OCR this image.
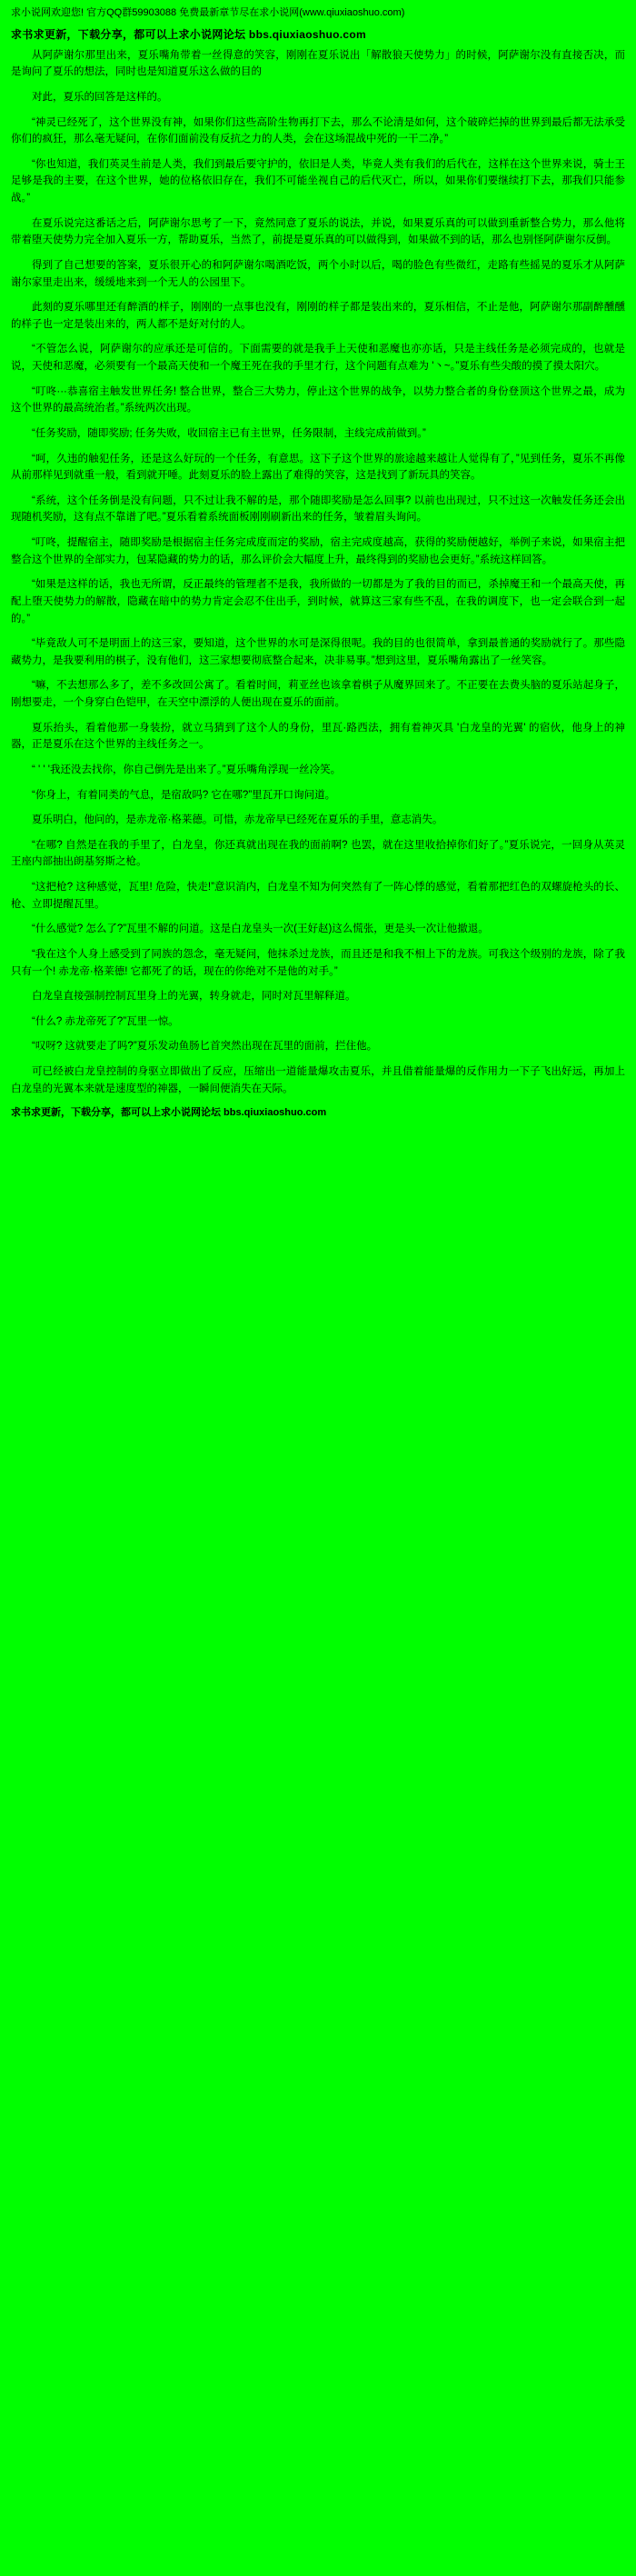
求小说网欢迎您! 官方QQ群59903088 免费最新章节尽在求小说网(www.qiuxiaoshuo.com)
求书求更新，下载分享，都可以上求小说网论坛 bbs.qiuxiaoshuo.com

从阿萨谢尔那里出来，夏乐嘴角带着一丝得意的笑容，刚刚在夏乐说出「解散狼天使势力」的时候，阿萨谢尔没有直接否决，而是询问了夏乐的想法，同时也是知道夏乐这么做的目的

对此，夏乐的回答是这样的。

“神灵已经死了，这个世界没有神，如果你们这些高阶生物再打下去，那么不论清是如何，这个破碎烂掉的世界到最后都无法承受你们的疯狂，那么毫无疑问，在你们面前没有反抗之力的人类，会在这场混战中死的一干二净。”

“你也知道，我们英灵生前是人类，我们到最后要守护的，依旧是人类，毕竟人类有我们的后代在，这样在这个世界来说，骑士王足够是我的主要，在这个世界，她的位格依旧存在，我们不可能坐视自己的后代灭亡，所以，如果你们要继续打下去，那我们只能参战。”

在夏乐说完这番话之后，阿萨谢尔思考了一下，竟然同意了夏乐的说法，并说，如果夏乐真的可以做到重新整合势力，那么他将带着堕天使势力完全加入夏乐一方，帮助夏乐，当然了，前提是夏乐真的可以做得到，如果做不到的话，那么也别怪阿萨谢尔反倒。

得到了自己想要的答案，夏乐很开心的和阿萨谢尔喝酒吃饭，两个小时以后，喝的脸色有些微红，走路有些摇晃的夏乐才从阿萨谢尔家里走出来，缓缓地来到一个无人的公园里下。

此刻的夏乐哪里还有醉酒的样子，刚刚的一点事也没有，刚刚的样子都是装出来的，夏乐相信，不止是他，阿萨谢尔那副醉醺醺的样子也一定是装出来的，两人都不是好对付的人。

“不管怎么说，阿萨谢尔的应承还是可信的。下面需要的就是我手上天使和恶魔也亦亦话，只是主线任务是必须完成的，也就是说，天使和恶魔，必须要有一个最高天使和一个魔王死在我的手里才行，这个问题有点难为 '丶~。”夏乐有些尖酸的摸了摸太阳穴。

“叮咚···恭喜宿主触发世界任务! 整合世界，整合三大势力，停止这个世界的战争，以势力整合者的身份登顶这个世界之最，成为这个世界的最高统治者。”系统两次出现。

“任务奖励，随即奖励; 任务失败，收回宿主已有主世界，任务限制，主线完成前做到。”

“呵，久违的触犯任务，还是这么好玩的一个任务，有意思。这下子这个世界的旅途越来越让人觉得有了，”见到任务，夏乐不再像从前那样见到就重一般，看到就开唾。此刻夏乐的脸上露出了难得的笑容，这是找到了新玩具的笑容。

“系统，这个任务倒是没有问题，只不过让我不解的是，那个随即奖励是怎么回事? 以前也出现过，只不过这一次触发任务还会出现随机奖励，这有点不靠谱了吧。”夏乐看着系统面板刚刚刷新出来的任务，皱着眉头询问。

“叮咚，提醒宿主，随即奖励是根据宿主任务完成度而定的奖励，宿主完成度越高，获得的奖励便越好，举例子来说，如果宿主把整合这个世界的全部实力，包某隐藏的势力的话，那么评价会大幅度上升，最终得到的奖励也会更好。”系统这样回答。

“如果是这样的话，我也无所谓，反正最终的管理者不是我，我所做的一切都是为了我的目的而已，杀掉魔王和一个最高天使，再配上堕天使势力的解散，隐藏在暗中的势力肯定会忍不住出手，到时候，就算这三家有些不乱，在我的调度下，也一定会联合到一起的。”

“毕竟敌人可不是明面上的这三家，要知道，这个世界的水可是深得很呢。我的目的也很简单，拿到最普通的奖励就行了。那些隐藏势力，是我要利用的棋子，没有他们，这三家想要彻底整合起来，决非易事。”想到这里，夏乐嘴角露出了一丝笑容。

“嘛，不去想那么多了，差不多改回公寓了。看着时间，莉亚丝也该拿着棋子从魔界回来了。不正要在去费头脑的夏乐站起身子，刚想要走，一个身穿白色铠甲，在天空中漂浮的人便出现在夏乐的面前。

夏乐抬头，看着他那一身装扮，就立马猜到了这个人的身份，里瓦·路西法，拥有着神灭具 '白龙皇的光翼' 的宿伙，他身上的神器，正是夏乐在这个世界的主线任务之一。

“ ' ' '我还没去找你，你自己倒先是出来了。”夏乐嘴角浮现一丝冷笑。

“你身上，有着同类的气息，是宿敌吗? 它在哪?”里瓦开口询问道。

夏乐明白，他问的，是赤龙帝·格莱德。可惜，赤龙帝早已经死在夏乐的手里，意志消失。

“在哪? 自然是在我的手里了，白龙皇，你还真就出现在我的面前啊? 也罢，就在这里收拾掉你们好了。”夏乐说完，一回身从英灵王座内部抽出朗基努斯之枪。

“这把枪? 这种感觉，瓦里! 危险，快走!”意识消内，白龙皇不知为何突然有了一阵心悸的感觉，看着那把红色的双螺旋枪头的长、枪、立即提醒瓦里。

“什么感觉? 怎么了?”瓦里不解的问道。这是白龙皇头一次(王好赵)这么慌张，更是头一次让他撤退。

“我在这个人身上感受到了同族的怨念，毫无疑问，他抹杀过龙族，而且还是和我不相上下的龙族。可我这个级别的龙族，除了我只有一个! 赤龙帝·格莱德! 它都死了的话，现在的你绝对不是他的对手。”

白龙皇直接强制控制瓦里身上的光翼，转身就走，同时对瓦里解释道。

“什么? 赤龙帝死了?”瓦里一惊。

“叹呀? 这就要走了吗?”夏乐发动鱼肠匕首突然出现在瓦里的面前，拦住他。

可已经被白龙皇控制的身驱立即做出了反应，压缩出一道能量爆攻击夏乐，并且借着能量爆的反作用力一下子飞出好远，再加上白龙皇的光翼本来就是速度型的神器，一瞬间便消失在天际。

求书求更新，下载分享，都可以上求小说网论坛 bbs.qiuxiaoshuo.com
